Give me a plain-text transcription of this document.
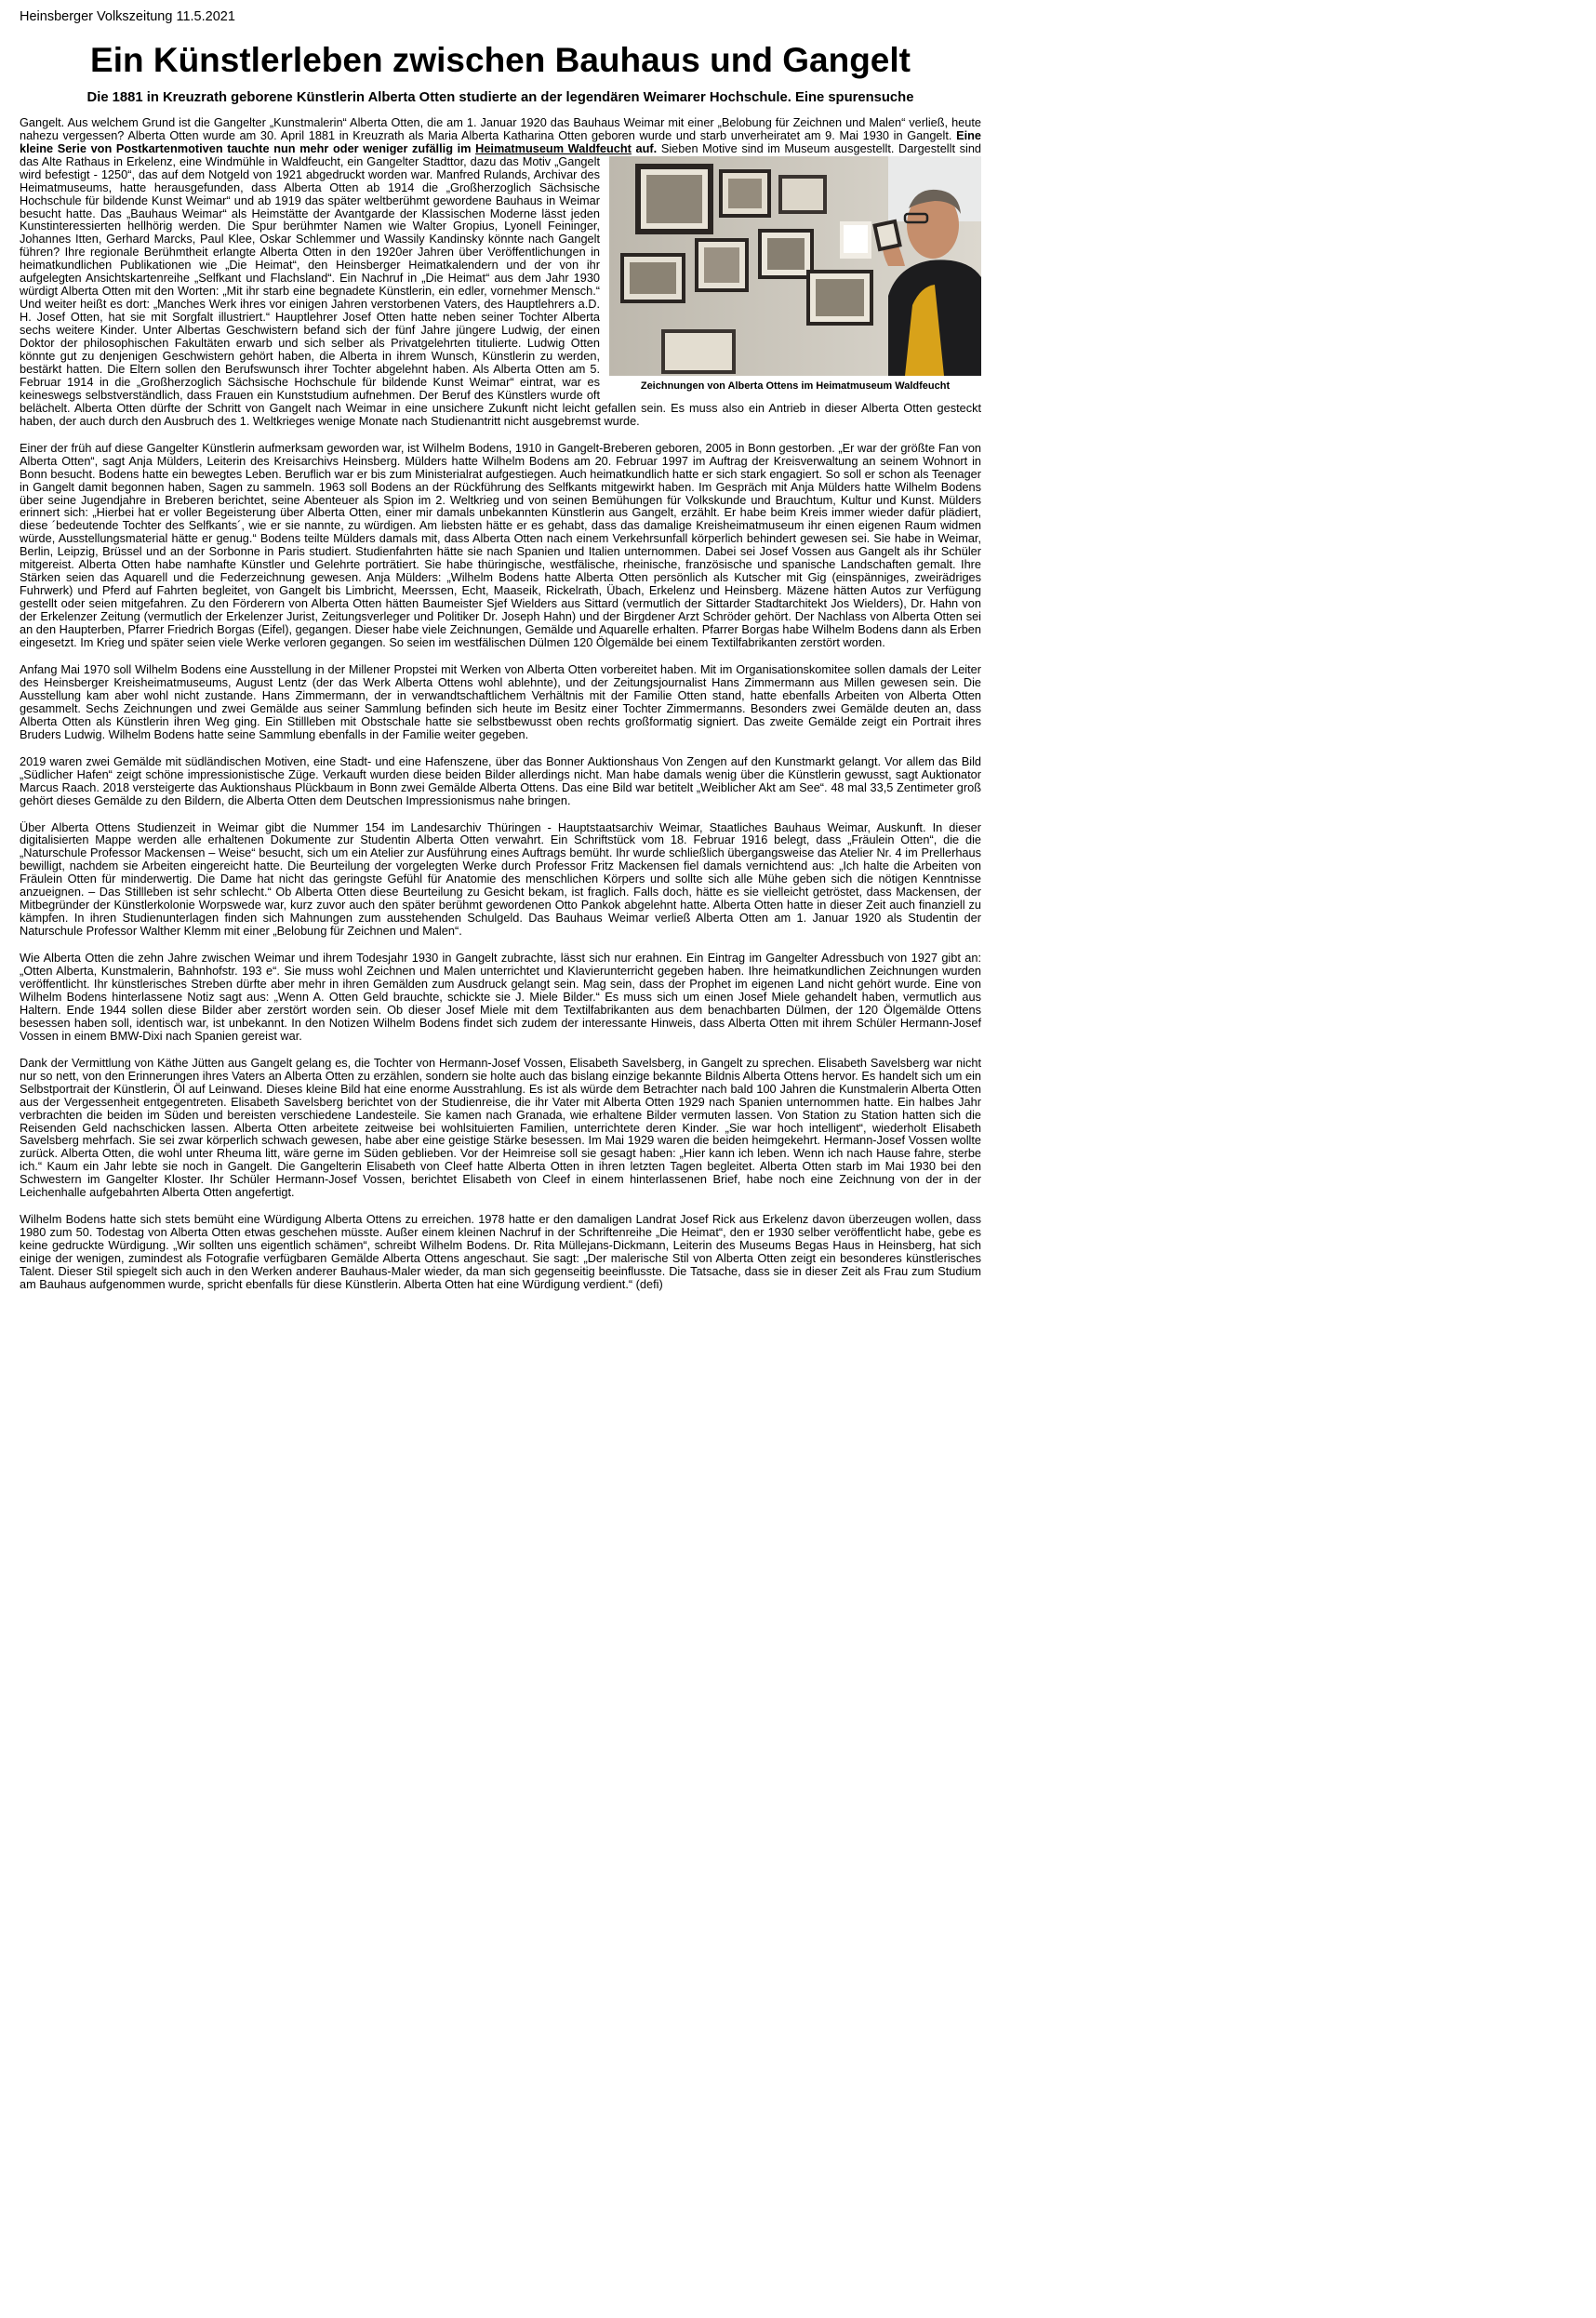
Heinsberger Volkszeitung 11.5.2021
Ein Künstlerleben zwischen Bauhaus und Gangelt
Die 1881 in Kreuzrath geborene Künstlerin Alberta Otten studierte an der legendären Weimarer Hochschule. Eine spurensuche
Gangelt. Aus welchem Grund ist die Gangelter „Kunstmalerin“ Alberta Otten, die am 1. Januar 1920 das Bauhaus Weimar mit einer „Belobung für Zeichnen und Malen“ verließ, heute nahezu vergessen? Alberta Otten wurde am 30. April 1881 in Kreuzrath als Maria Alberta Katharina Otten geboren wurde und starb unverheiratet am 9. Mai 1930 in Gangelt. Eine kleine Serie von Postkartenmotiven tauchte nun mehr oder weniger zufällig im Heimatmuseum Waldfeucht auf.
Zeichnungen von Alberta Ottens im Heimatmuseum Waldfeucht
Sieben Motive sind im Museum ausgestellt. Dargestellt sind das Alte Rathaus in Erkelenz, eine Windmühle in Waldfeucht, ein Gangelter Stadttor, dazu das Motiv „Gangelt wird befestigt - 1250“, das auf dem Notgeld von 1921 abgedruckt worden war. Manfred Rulands, Archivar des Heimatmuseums, hatte herausgefunden, dass Alberta Otten ab 1914 die „Großherzoglich Sächsische Hochschule für bildende Kunst Weimar“ und ab 1919 das später weltberühmt gewordene Bauhaus in Weimar besucht hatte. Das „Bauhaus Weimar“ als Heimstätte der Avantgarde der Klassischen Moderne lässt jeden Kunstinteressierten hellhörig werden. Die Spur berühmter Namen wie Walter Gropius, Lyonell Feininger, Johannes Itten, Gerhard Marcks, Paul Klee, Oskar Schlemmer und Wassily Kandinsky könnte nach Gangelt führen? Ihre regionale Berühmtheit erlangte Alberta Otten in den 1920er Jahren über Veröffentlichungen in heimatkundlichen Publikationen wie „Die Heimat“, den Heinsberger Heimatkalendern und der von ihr aufgelegten Ansichtskartenreihe „Selfkant und Flachsland“. Ein Nachruf in „Die Heimat“ aus dem Jahr 1930 würdigt Alberta Otten mit den Worten: „Mit ihr starb eine begnadete Künstlerin, ein edler, vornehmer Mensch.“ Und weiter heißt es dort: „Manches Werk ihres vor einigen Jahren verstorbenen Vaters, des Hauptlehrers a.D. H. Josef Otten, hat sie mit Sorgfalt illustriert.“ Hauptlehrer Josef Otten hatte neben seiner Tochter Alberta sechs weitere Kinder. Unter Albertas Geschwistern befand sich der fünf Jahre jüngere Ludwig, der einen Doktor der philosophischen Fakultäten erwarb und sich selber als Privatgelehrten titulierte. Ludwig Otten könnte gut zu denjenigen Geschwistern gehört haben, die Alberta in ihrem Wunsch, Künstlerin zu werden, bestärkt hatten. Die Eltern sollen den Berufswunsch ihrer Tochter abgelehnt haben. Als Alberta Otten am 5. Februar 1914 in die „Großherzoglich Sächsische Hochschule für bildende Kunst Weimar“ eintrat, war es keineswegs selbstverständlich, dass Frauen ein Kunststudium aufnehmen. Der Beruf des Künstlers wurde oft belächelt. Alberta Otten dürfte der Schritt von Gangelt nach Weimar in eine unsichere Zukunft nicht leicht gefallen sein. Es muss also ein Antrieb in dieser Alberta Otten gesteckt haben, der auch durch den Ausbruch des 1. Weltkrieges wenige Monate nach Studienantritt nicht ausgebremst wurde.
Einer der früh auf diese Gangelter Künstlerin aufmerksam geworden war, ist Wilhelm Bodens, 1910 in Gangelt-Breberen geboren, 2005 in Bonn gestorben. „Er war der größte Fan von Alberta Otten“, sagt Anja Mülders, Leiterin des Kreisarchivs Heinsberg. Mülders hatte Wilhelm Bodens am 20. Februar 1997 im Auftrag der Kreisverwaltung an seinem Wohnort in Bonn besucht. Bodens hatte ein bewegtes Leben. Beruflich war er bis zum Ministerialrat aufgestiegen. Auch heimatkundlich hatte er sich stark engagiert. So soll er schon als Teenager in Gangelt damit begonnen haben, Sagen zu sammeln. 1963 soll Bodens an der Rückführung des Selfkants mitgewirkt haben. Im Gespräch mit Anja Mülders hatte Wilhelm Bodens über seine Jugendjahre in Breberen berichtet, seine Abenteuer als Spion im 2. Weltkrieg und von seinen Bemühungen für Volkskunde und Brauchtum, Kultur und Kunst. Mülders erinnert sich: „Hierbei hat er voller Begeisterung über Alberta Otten, einer mir damals unbekannten Künstlerin aus Gangelt, erzählt. Er habe beim Kreis immer wieder dafür plädiert, diese ´bedeutende Tochter des Selfkants´, wie er sie nannte, zu würdigen. Am liebsten hätte er es gehabt, dass das damalige Kreisheimatmuseum ihr einen eigenen Raum widmen würde, Ausstellungsmaterial hätte er genug.“ Bodens teilte Mülders damals mit, dass Alberta Otten nach einem Verkehrsunfall körperlich behindert gewesen sei. Sie habe in Weimar, Berlin, Leipzig, Brüssel und an der Sorbonne in Paris studiert. Studienfahrten hätte sie nach Spanien und Italien unternommen. Dabei sei Josef Vossen aus Gangelt als ihr Schüler mitgereist. Alberta Otten habe namhafte Künstler und Gelehrte porträtiert. Sie habe thüringische, westfälische, rheinische, französische und spanische Landschaften gemalt. Ihre Stärken seien das Aquarell und die Federzeichnung gewesen. Anja Mülders: „Wilhelm Bodens hatte Alberta Otten persönlich als Kutscher mit Gig (einspänniges, zweirädriges Fuhrwerk) und Pferd auf Fahrten begleitet, von Gangelt bis Limbricht, Meerssen, Echt, Maaseik, Rickelrath, Übach, Erkelenz und Heinsberg. Mäzene hätten Autos zur Verfügung gestellt oder seien mitgefahren. Zu den Förderern von Alberta Otten hätten Baumeister Sjef Wielders aus Sittard (vermutlich der Sittarder Stadtarchitekt Jos Wielders), Dr. Hahn von der Erkelenzer Zeitung (vermutlich der Erkelenzer Jurist, Zeitungsverleger und Politiker Dr. Joseph Hahn) und der Birgdener Arzt Schröder gehört. Der Nachlass von Alberta Otten sei an den Haupterben, Pfarrer Friedrich Borgas (Eifel), gegangen. Dieser habe viele Zeichnungen, Gemälde und Aquarelle erhalten. Pfarrer Borgas habe Wilhelm Bodens dann als Erben eingesetzt. Im Krieg und später seien viele Werke verloren gegangen. So seien im westfälischen Dülmen 120 Ölgemälde bei einem Textilfabrikanten zerstört worden.
Anfang Mai 1970 soll Wilhelm Bodens eine Ausstellung in der Millener Propstei mit Werken von Alberta Otten vorbereitet haben. Mit im Organisationskomitee sollen damals der Leiter des Heinsberger Kreisheimatmuseums, August Lentz (der das Werk Alberta Ottens wohl ablehnte), und der Zeitungsjournalist Hans Zimmermann aus Millen gewesen sein. Die Ausstellung kam aber wohl nicht zustande. Hans Zimmermann, der in verwandtschaftlichem Verhältnis mit der Familie Otten stand, hatte ebenfalls Arbeiten von Alberta Otten gesammelt. Sechs Zeichnungen und zwei Gemälde aus seiner Sammlung befinden sich heute im Besitz einer Tochter Zimmermanns. Besonders zwei Gemälde deuten an, dass Alberta Otten als Künstlerin ihren Weg ging. Ein Stillleben mit Obstschale hatte sie selbstbewusst oben rechts großformatig signiert. Das zweite Gemälde zeigt ein Portrait ihres Bruders Ludwig. Wilhelm Bodens hatte seine Sammlung ebenfalls in der Familie weiter gegeben.
2019 waren zwei Gemälde mit südländischen Motiven, eine Stadt- und eine Hafenszene, über das Bonner Auktionshaus Von Zengen auf den Kunstmarkt gelangt. Vor allem das Bild „Südlicher Hafen“ zeigt schöne impressionistische Züge. Verkauft wurden diese beiden Bilder allerdings nicht. Man habe damals wenig über die Künstlerin gewusst, sagt Auktionator Marcus Raach. 2018 versteigerte das Auktionshaus Plückbaum in Bonn zwei Gemälde Alberta Ottens. Das eine Bild war betitelt „Weiblicher Akt am See“. 48 mal 33,5 Zentimeter groß gehört dieses Gemälde zu den Bildern, die Alberta Otten dem Deutschen Impressionismus nahe bringen.
Über Alberta Ottens Studienzeit in Weimar gibt die Nummer 154 im Landesarchiv Thüringen - Hauptstaatsarchiv Weimar, Staatliches Bauhaus Weimar, Auskunft. In dieser digitalisierten Mappe werden alle erhaltenen Dokumente zur Studentin Alberta Otten verwahrt. Ein Schriftstück vom 18. Februar 1916 belegt, dass „Fräulein Otten“, die die „Naturschule Professor Mackensen – Weise“ besucht, sich um ein Atelier zur Ausführung eines Auftrags bemüht. Ihr wurde schließlich übergangsweise das Atelier Nr. 4 im Prellerhaus bewilligt, nachdem sie Arbeiten eingereicht hatte. Die Beurteilung der vorgelegten Werke durch Professor Fritz Mackensen fiel damals vernichtend aus: „Ich halte die Arbeiten von Fräulein Otten für minderwertig. Die Dame hat nicht das geringste Gefühl für Anatomie des menschlichen Körpers und sollte sich alle Mühe geben sich die nötigen Kenntnisse anzueignen. – Das Stillleben ist sehr schlecht.“ Ob Alberta Otten diese Beurteilung zu Gesicht bekam, ist fraglich. Falls doch, hätte es sie vielleicht getröstet, dass Mackensen, der Mitbegründer der Künstlerkolonie Worpswede war, kurz zuvor auch den später berühmt gewordenen Otto Pankok abgelehnt hatte. Alberta Otten hatte in dieser Zeit auch finanziell zu kämpfen. In ihren Studienunterlagen finden sich Mahnungen zum ausstehenden Schulgeld. Das Bauhaus Weimar verließ Alberta Otten am 1. Januar 1920 als Studentin der Naturschule Professor Walther Klemm mit einer „Belobung für Zeichnen und Malen“.
Wie Alberta Otten die zehn Jahre zwischen Weimar und ihrem Todesjahr 1930 in Gangelt zubrachte, lässt sich nur erahnen. Ein Eintrag im Gangelter Adressbuch von 1927 gibt an: „Otten Alberta, Kunstmalerin, Bahnhofstr. 193 e“. Sie muss wohl Zeichnen und Malen unterrichtet und Klavierunterricht gegeben haben. Ihre heimatkundlichen Zeichnungen wurden veröffentlicht. Ihr künstlerisches Streben dürfte aber mehr in ihren Gemälden zum Ausdruck gelangt sein. Mag sein, dass der Prophet im eigenen Land nicht gehört wurde. Eine von Wilhelm Bodens hinterlassene Notiz sagt aus: „Wenn A. Otten Geld brauchte, schickte sie J. Miele Bilder.“ Es muss sich um einen Josef Miele gehandelt haben, vermutlich aus Haltern. Ende 1944 sollen diese Bilder aber zerstört worden sein. Ob dieser Josef Miele mit dem Textilfabrikanten aus dem benachbarten Dülmen, der 120 Ölgemälde Ottens besessen haben soll, identisch war, ist unbekannt. In den Notizen Wilhelm Bodens findet sich zudem der interessante Hinweis, dass Alberta Otten mit ihrem Schüler Hermann-Josef Vossen in einem BMW-Dixi nach Spanien gereist war.
Dank der Vermittlung von Käthe Jütten aus Gangelt gelang es, die Tochter von Hermann-Josef Vossen, Elisabeth Savelsberg, in Gangelt zu sprechen. Elisabeth Savelsberg war nicht nur so nett, von den Erinnerungen ihres Vaters an Alberta Otten zu erzählen, sondern sie holte auch das bislang einzige bekannte Bildnis Alberta Ottens hervor. Es handelt sich um ein Selbstportrait der Künstlerin, Öl auf Leinwand. Dieses kleine Bild hat eine enorme Ausstrahlung. Es ist als würde dem Betrachter nach bald 100 Jahren die Kunstmalerin Alberta Otten aus der Vergessenheit entgegentreten. Elisabeth Savelsberg berichtet von der Studienreise, die ihr Vater mit Alberta Otten 1929 nach Spanien unternommen hatte. Ein halbes Jahr verbrachten die beiden im Süden und bereisten verschiedene Landesteile. Sie kamen nach Granada, wie erhaltene Bilder vermuten lassen. Von Station zu Station hatten sich die Reisenden Geld nachschicken lassen. Alberta Otten arbeitete zeitweise bei wohlsituierten Familien, unterrichtete deren Kinder. „Sie war hoch intelligent“, wiederholt Elisabeth Savelsberg mehrfach. Sie sei zwar körperlich schwach gewesen, habe aber eine geistige Stärke besessen. Im Mai 1929 waren die beiden heimgekehrt. Hermann-Josef Vossen wollte zurück. Alberta Otten, die wohl unter Rheuma litt, wäre gerne im Süden geblieben. Vor der Heimreise soll sie gesagt haben: „Hier kann ich leben. Wenn ich nach Hause fahre, sterbe ich.“ Kaum ein Jahr lebte sie noch in Gangelt. Die Gangelterin Elisabeth von Cleef hatte Alberta Otten in ihren letzten Tagen begleitet. Alberta Otten starb im Mai 1930 bei den Schwestern im Gangelter Kloster. Ihr Schüler Hermann-Josef Vossen, berichtet Elisabeth von Cleef in einem hinterlassenen Brief, habe noch eine Zeichnung von der in der Leichenhalle aufgebahrten Alberta Otten angefertigt.
Wilhelm Bodens hatte sich stets bemüht eine Würdigung Alberta Ottens zu erreichen. 1978 hatte er den damaligen Landrat Josef Rick aus Erkelenz davon überzeugen wollen, dass 1980 zum 50. Todestag von Alberta Otten etwas geschehen müsste. Außer einem kleinen Nachruf in der Schriftenreihe „Die Heimat“, den er 1930 selber veröffentlicht habe, gebe es keine gedruckte Würdigung. „Wir sollten uns eigentlich schämen“, schreibt Wilhelm Bodens. Dr. Rita Müllejans-Dickmann, Leiterin des Museums Begas Haus in Heinsberg, hat sich einige der wenigen, zumindest als Fotografie verfügbaren Gemälde Alberta Ottens angeschaut. Sie sagt: „Der malerische Stil von Alberta Otten zeigt ein besonderes künstlerisches Talent. Dieser Stil spiegelt sich auch in den Werken anderer Bauhaus-Maler wieder, da man sich gegenseitig beeinflusste. Die Tatsache, dass sie in dieser Zeit als Frau zum Studium am Bauhaus aufgenommen wurde, spricht ebenfalls für diese Künstlerin. Alberta Otten hat eine Würdigung verdient.“ (defi)
